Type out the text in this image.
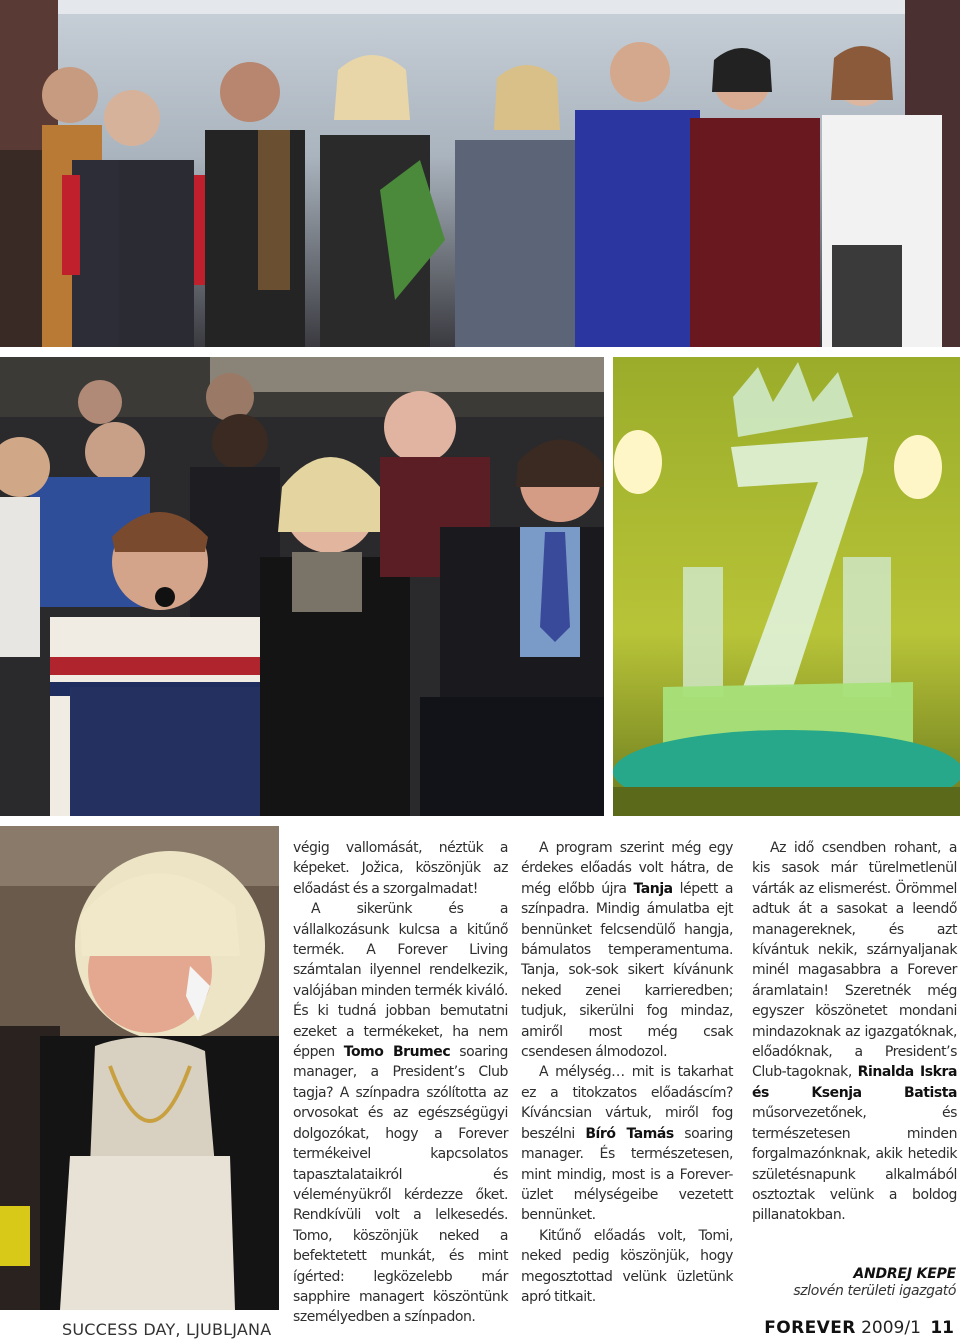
végig vallomását, néztük a képeket. Jožica, köszönjük az előadást és a szorgalmadat!

A sikerünk és a vállalkozásunk kulcsa a kitűnő termék. A Forever Living számtalan ilyennel rendelkezik, valójában minden termék kiváló. És ki tudná jobban bemutatni ezeket a termékeket, ha nem éppen Tomo Brumec soaring manager, a President’s Club tagja? A színpadra szólította az orvosokat és az egészségügyi dolgozókat, hogy a Forever termékeivel kapcsolatos tapasztalataikról és véleményükről kérdezze őket. Rendkívüli volt a lelkesedés. Tomo, köszönjük neked a befektetett munkát, és mint ígérted: legközelebb már sapphire managert köszöntünk személyedben a színpadon.

A program szerint még egy érdekes előadás volt hátra, de még előbb újra Tanja lépett a színpadra. Mindig ámulatba ejt bennünket felcsendülő hangja, bámulatos temperamentuma. Tanja, sok-sok sikert kívánunk neked zenei karrieredben; tudjuk, sikerülni fog mindaz, amiről most még csak csendesen álmodozol.

A mélység… mit is takarhat ez a titokzatos előadáscím? Kíváncsian vártuk, miről fog beszélni Bíró Tamás soaring manager. És természetesen, mint mindig, most is a Forever-üzlet mélységeibe vezetett bennünket.

Kitűnő előadás volt, Tomi, neked pedig köszönjük, hogy megosztottad velünk üzletünk apró titkait.

Az idő csendben rohant, a kis sasok már türelmetlenül várták az elismerést. Örömmel adtuk át a sasokat a leendő managereknek, és azt kívántuk nekik, szárnyaljanak minél magasabbra a Forever áramlatain! Szeretnék még egyszer köszönetet mondani mindazoknak az igazgatóknak, előadóknak, a President’s Club-tagoknak, Rinalda Iskra és Ksenja Batista műsorvezetőnek, és természetesen minden forgalmazónknak, akik hetedik születésnapunk alkalmából osztoztak velünk a boldog pillanatokban.

ANDREJ KEPE
szlovén területi igazgató
SUCCESS DAY, LJUBLJANA	FOREVER 2009/1 11
